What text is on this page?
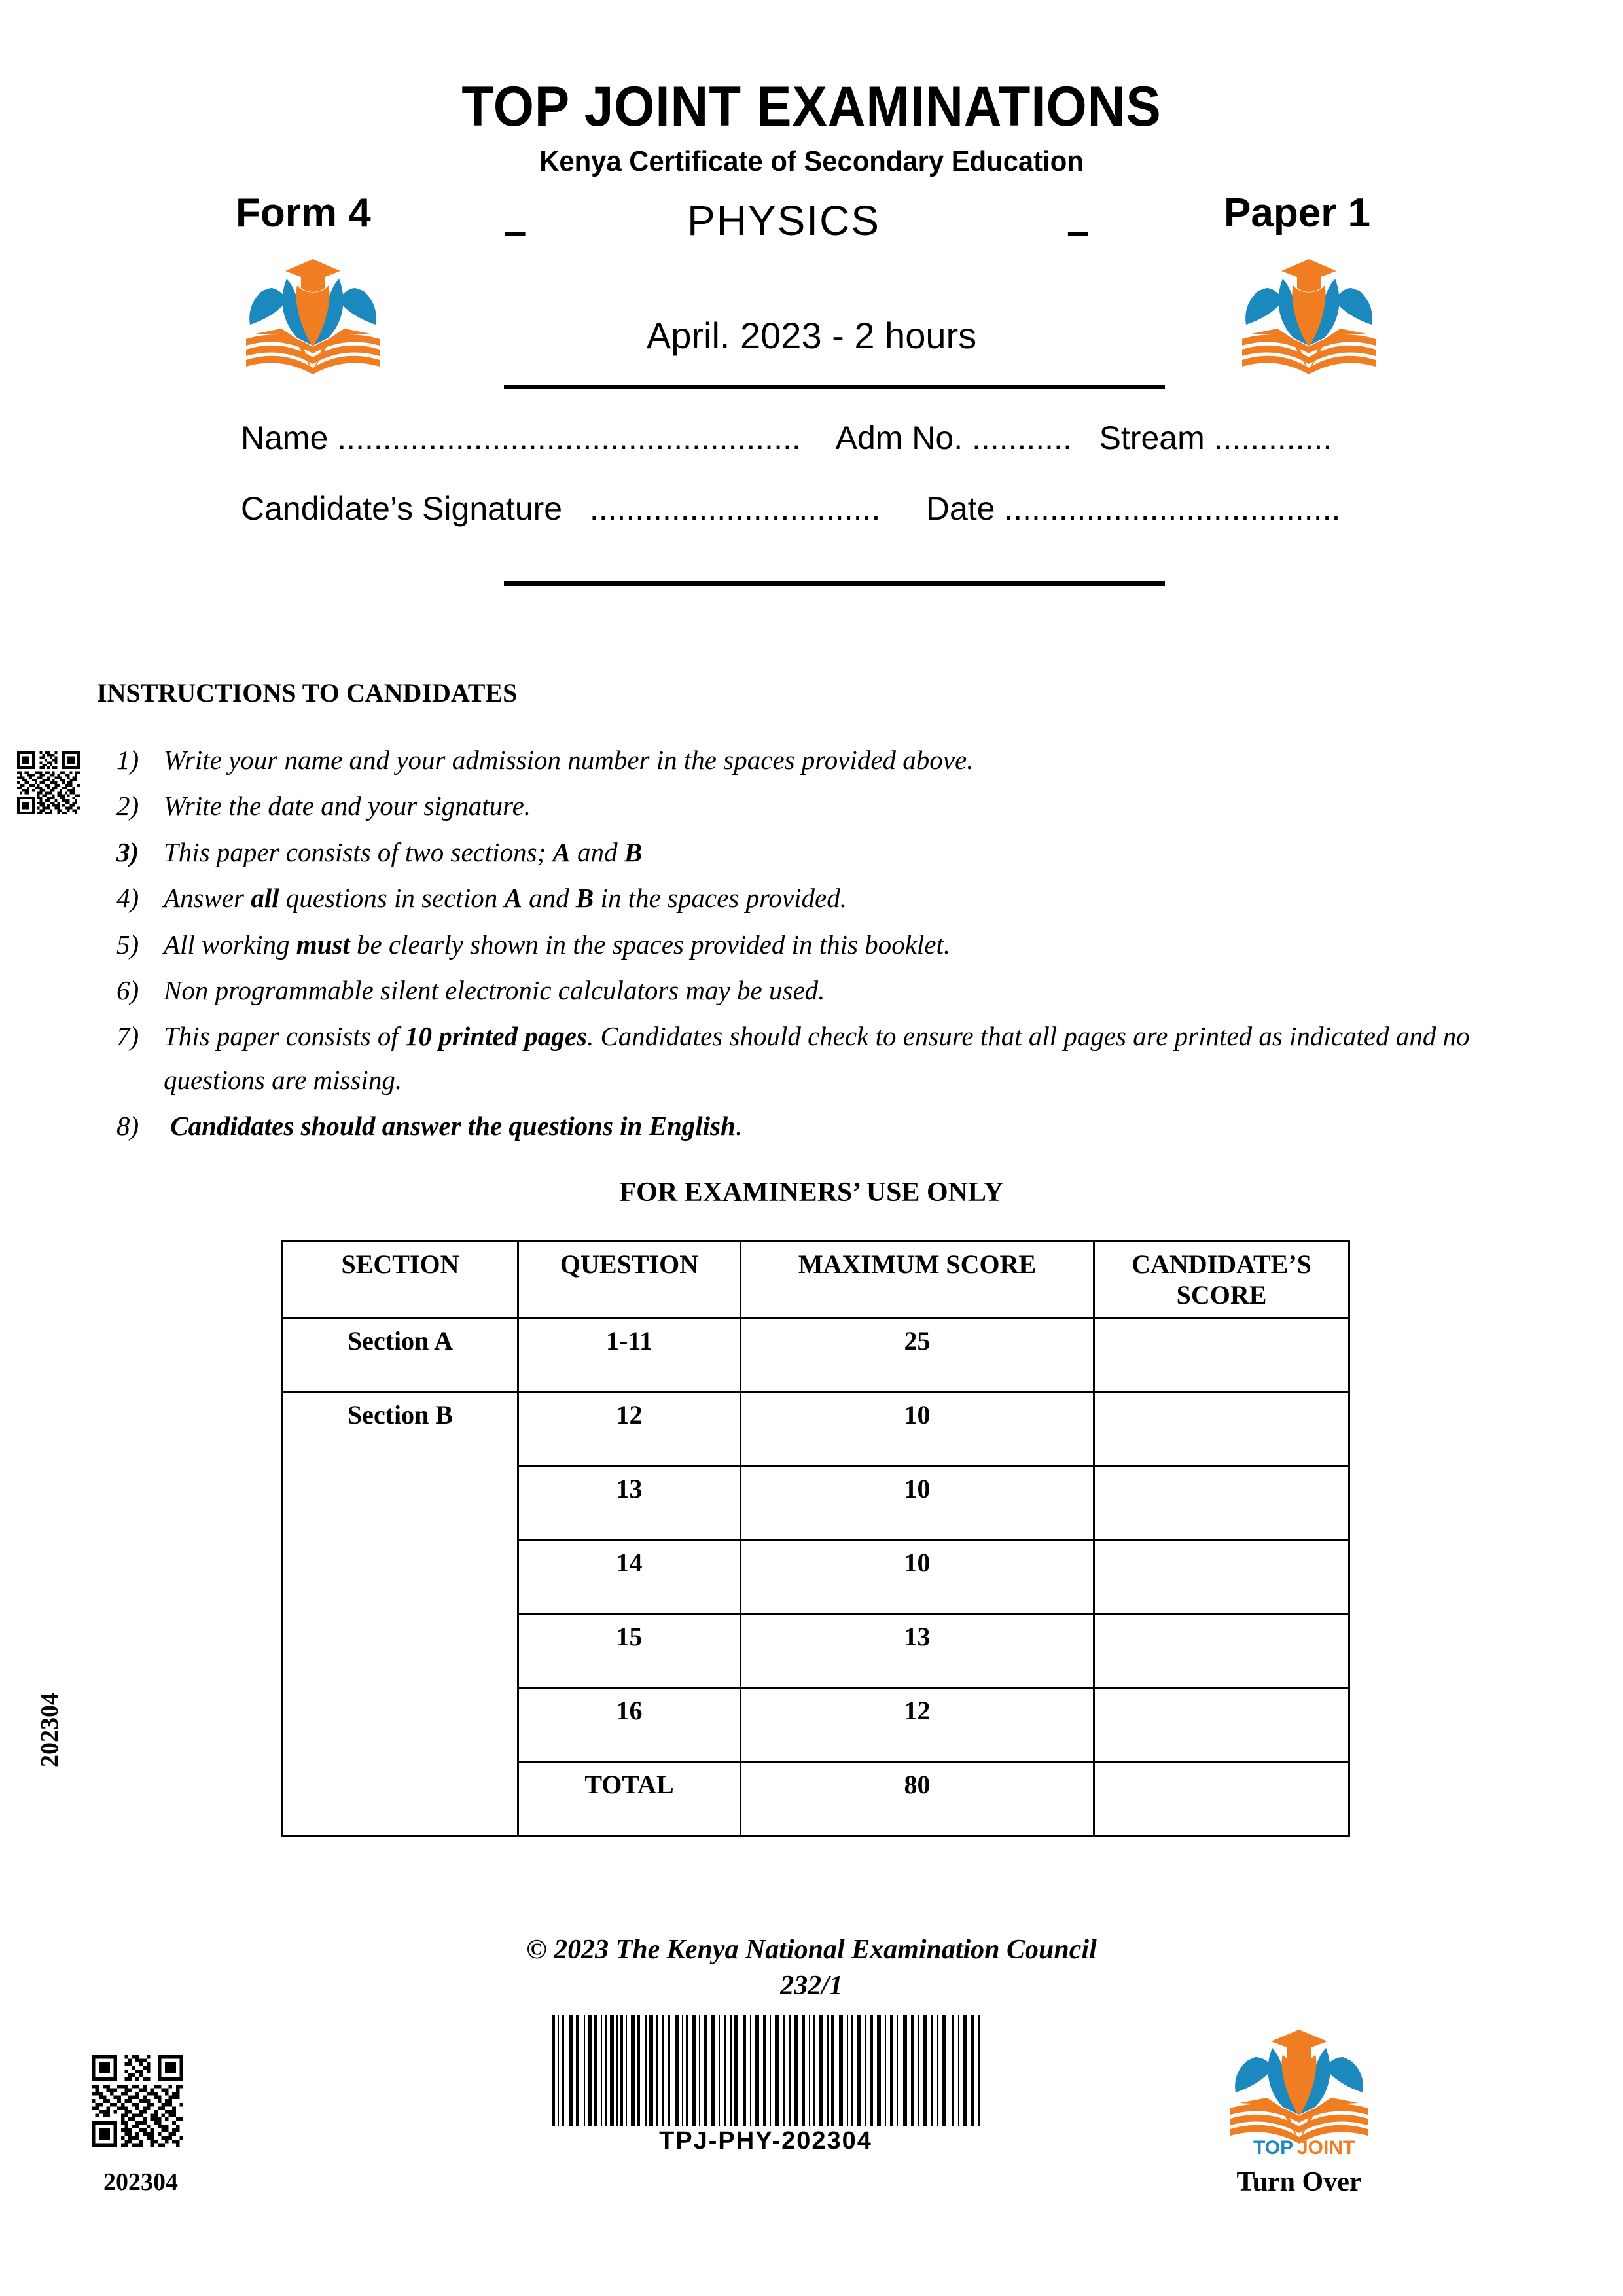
TOP JOINT EXAMINATIONS
Kenya Certificate of Secondary Education
Form 4	–	PHYSICS	–	Paper 1
April. 2023 - 2 hours
Name ................................................... Adm No. ........... Stream .............
Candidate’s Signature ................................ Date .....................................
INSTRUCTIONS TO CANDIDATES
1) Write your name and your admission number in the spaces provided above.
2) Write the date and your signature.
3) This paper consists of two sections; A and B
4) Answer all questions in section A and B in the spaces provided.
5) All working must be clearly shown in the spaces provided in this booklet.
6) Non programmable silent electronic calculators may be used.
7) This paper consists of 10 printed pages. Candidates should check to ensure that all pages are printed as indicated and no questions are missing.
8)	Candidates should answer the questions in English.
FOR EXAMINERS’ USE ONLY
SECTION	QUESTION	MAXIMUM SCORE	CANDIDATE’S SCORE
Section A	1-11	25	
Section B	12	10	
	13	10	
	14	10	
	15	13	
	16	12	
	TOTAL	80	
202304
© 2023 The Kenya National Examination Council
232/1
TPJ-PHY-202304
202304
TOP JOINT
Turn Over
